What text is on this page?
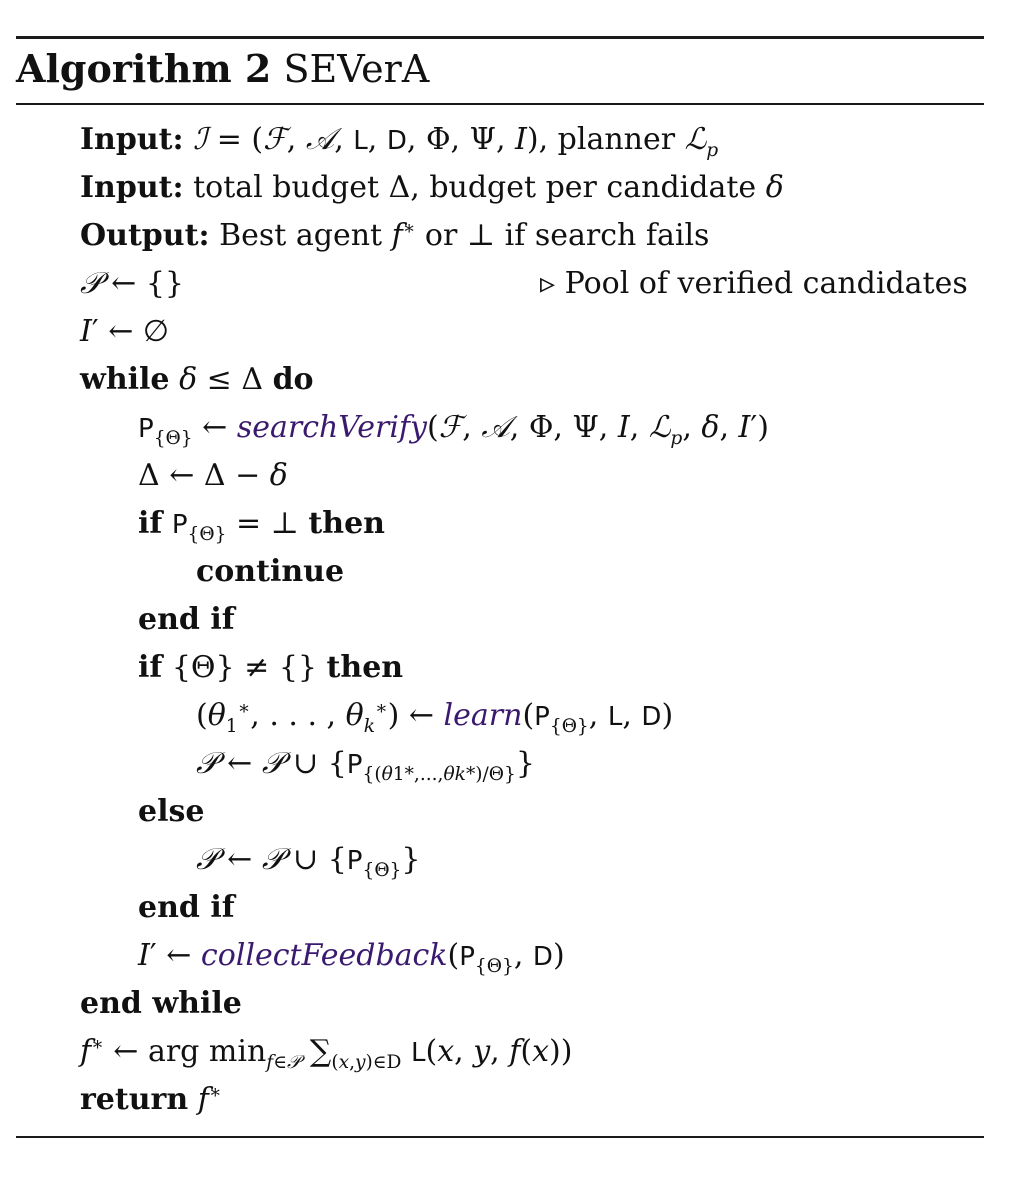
Algorithm 2 SEVerA
Input: ℐ = (ℱ, 𝒜, L, D, Φ, Ψ, I), planner ℒ$_p$
Input: total budget Δ, budget per candidate δ
Output: Best agent f∗ or ⊥ if search fails
𝒫 ← {}	▹ Pool of verified candidates
I′ ← ∅
while δ ≤ Δ do
$P_{\{\Theta\}}$ ← searchVerify(ℱ, 𝒜, Φ, Ψ, I, ℒ$_p$, δ, I′)
Δ ← Δ − δ
if $P_{\{\Theta\}}$ = ⊥ then
continue
end if
if {Θ} ≠ {} then
($\theta_1^∗$, . . . , $\theta_k^∗$) ← $learn(P_{\{\Theta\}}$, L, D)
𝒫 ← 𝒫 ∪ $\{P_{\{(\theta 1*,...,\theta k*)/\Theta\}}\}$
else
𝒫 ← 𝒫 ∪ $\{P_{\{\Theta\}}\}$
end if
I′ ← $collectFeedback(P_{\{\Theta\}}$, D)
end while
f∗ ← arg $\min_{f\in 𝒫} \sum_{(x,y)\in D}$ L(x, y, f(x))
return f∗
